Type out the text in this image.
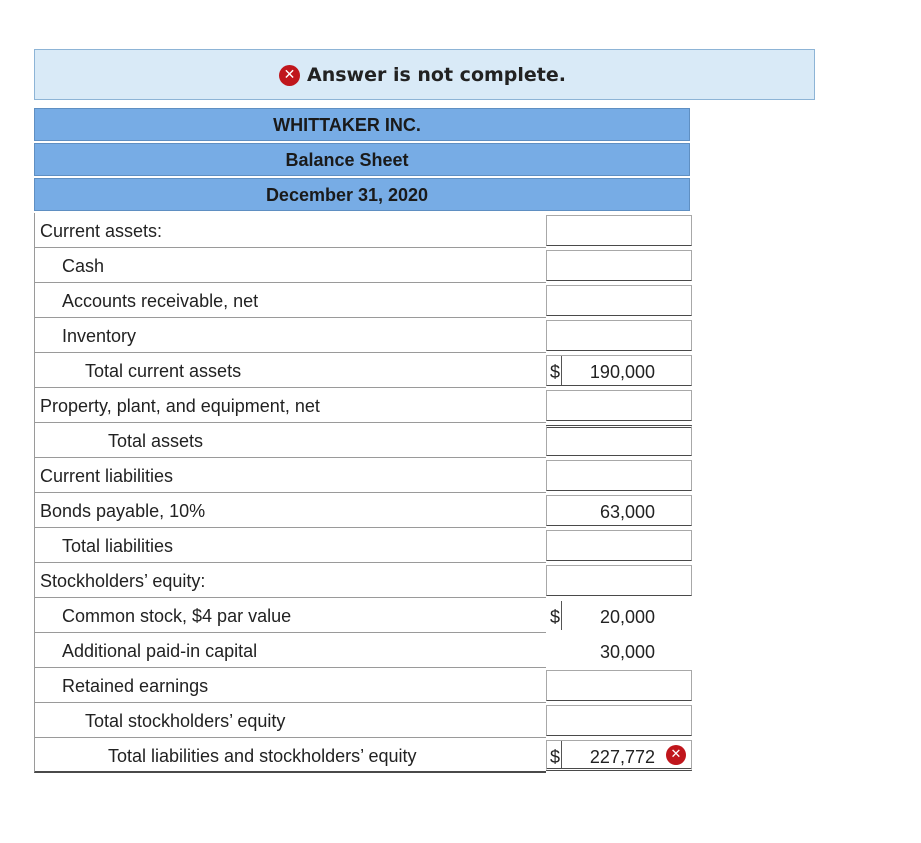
✕ Answer is not complete.
WHITTAKER INC.
Balance Sheet
December 31, 2020
Current assets:
Cash
Accounts receivable, net
Inventory
Total current assets	$ 190,000
Property, plant, and equipment, net
Total assets
Current liabilities
Bonds payable, 10%	63,000
Total liabilities
Stockholders’ equity:
Common stock, $4 par value	$ 20,000
Additional paid-in capital	30,000
Retained earnings
Total stockholders’ equity
Total liabilities and stockholders’ equity	$ 227,772	✕
